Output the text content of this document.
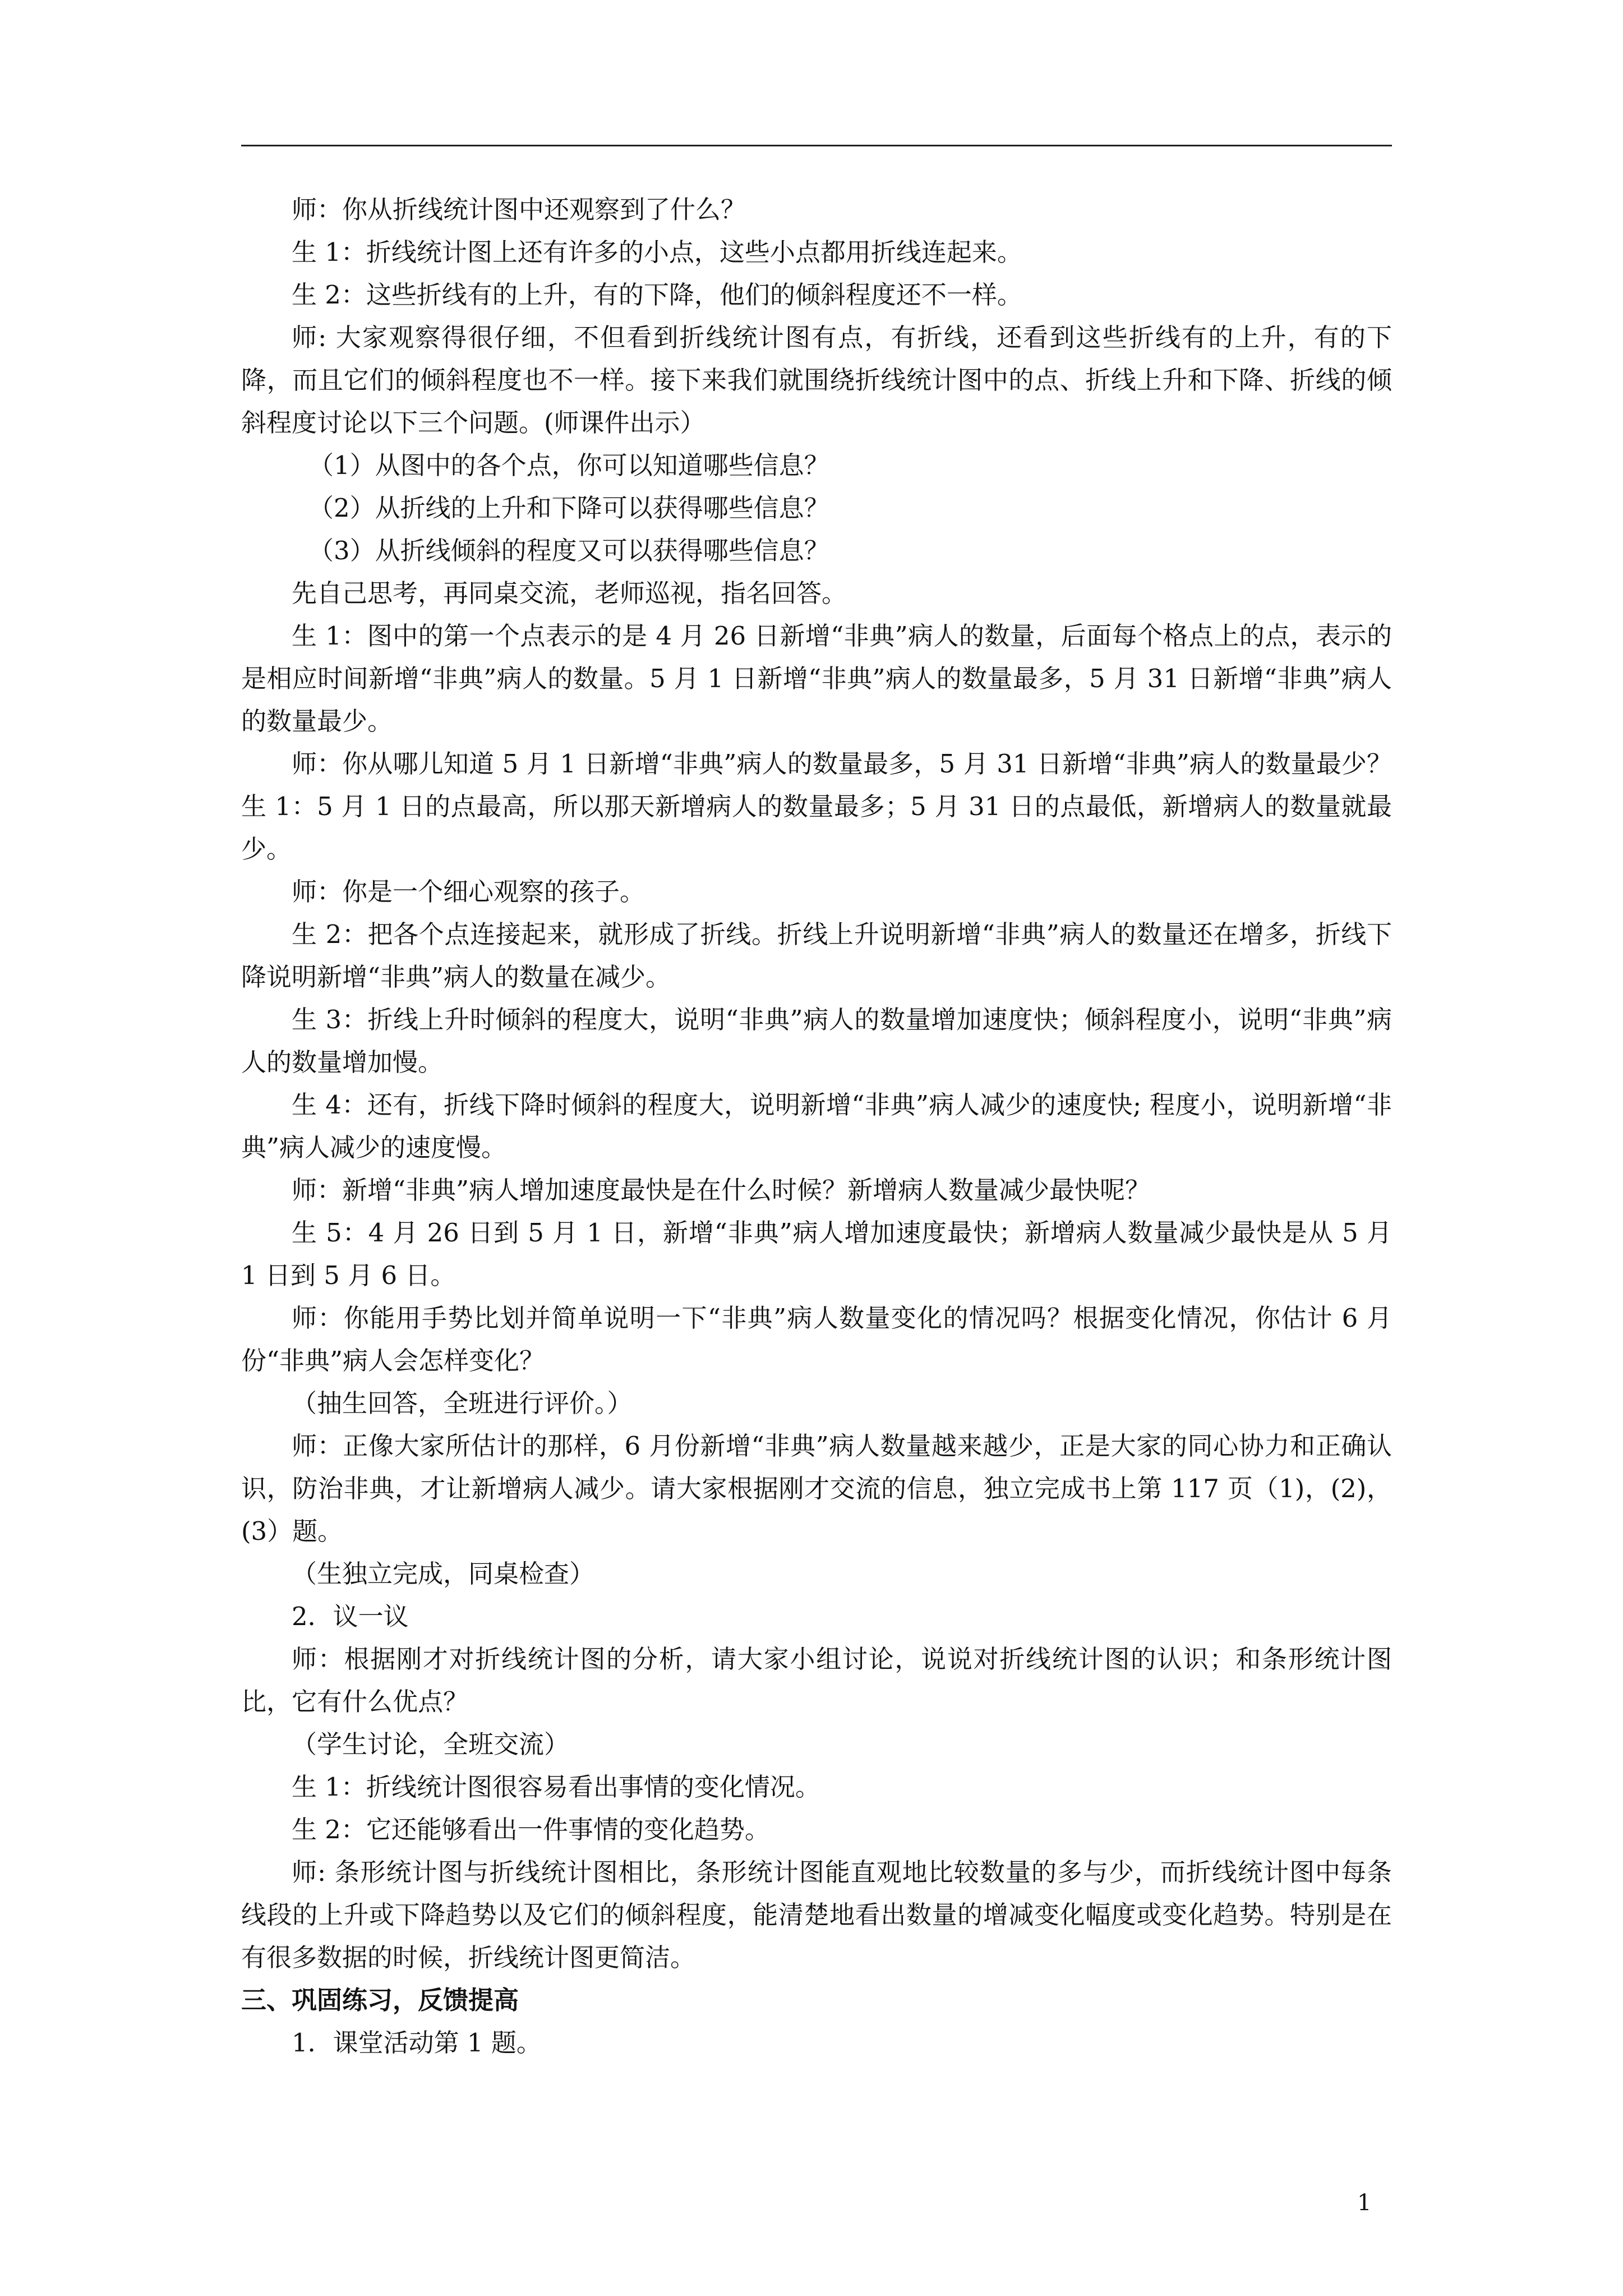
师：你从折线统计图中还观察到了什么？

生 1：折线统计图上还有许多的小点，这些小点都用折线连起来。

生 2：这些折线有的上升，有的下降，他们的倾斜程度还不一样。

师: 大家观察得很仔细，不但看到折线统计图有点，有折线，还看到这些折线有的上升，有的下降，而且它们的倾斜程度也不一样。接下来我们就围绕折线统计图中的点、折线上升和下降、折线的倾斜程度讨论以下三个问题。(师课件出示）

（1）从图中的各个点，你可以知道哪些信息？

（2）从折线的上升和下降可以获得哪些信息？

（3）从折线倾斜的程度又可以获得哪些信息？

先自己思考，再同桌交流，老师巡视，指名回答。

生 1：图中的第一个点表示的是 4 月 26 日新增“非典”病人的数量，后面每个格点上的点，表示的是相应时间新增“非典”病人的数量。5 月 1 日新增“非典”病人的数量最多，5 月 31 日新增“非典”病人的数量最少。

师：你从哪儿知道 5 月 1 日新增“非典”病人的数量最多，5 月 31 日新增“非典”病人的数量最少？生 1：5 月 1 日的点最高，所以那天新增病人的数量最多；5 月 31 日的点最低，新增病人的数量就最少。

师：你是一个细心观察的孩子。

生 2：把各个点连接起来，就形成了折线。折线上升说明新增“非典”病人的数量还在增多，折线下降说明新增“非典”病人的数量在减少。

生 3：折线上升时倾斜的程度大，说明“非典”病人的数量增加速度快；倾斜程度小，说明“非典”病人的数量增加慢。

生 4：还有，折线下降时倾斜的程度大，说明新增“非典”病人减少的速度快; 程度小，说明新增“非典”病人减少的速度慢。

师：新增“非典”病人增加速度最快是在什么时候？新增病人数量减少最快呢？

生 5：4 月 26 日到 5 月 1 日，新增“非典”病人增加速度最快；新增病人数量减少最快是从 5 月 1 日到 5 月 6 日。

师：你能用手势比划并简单说明一下“非典”病人数量变化的情况吗？根据变化情况，你估计 6 月份“非典”病人会怎样变化？

（抽生回答，全班进行评价。）

师：正像大家所估计的那样，6 月份新增“非典”病人数量越来越少，正是大家的同心协力和正确认识，防治非典，才让新增病人减少。请大家根据刚才交流的信息，独立完成书上第 117 页（1)，(2)，(3）题。

（生独立完成，同桌检查）

2．议一议

师：根据刚才对折线统计图的分析，请大家小组讨论，说说对折线统计图的认识；和条形统计图比，它有什么优点？

（学生讨论，全班交流）

生 1：折线统计图很容易看出事情的变化情况。

生 2：它还能够看出一件事情的变化趋势。

师: 条形统计图与折线统计图相比，条形统计图能直观地比较数量的多与少，而折线统计图中每条线段的上升或下降趋势以及它们的倾斜程度，能清楚地看出数量的增减变化幅度或变化趋势。特别是在有很多数据的时候，折线统计图更简洁。

三、巩固练习，反馈提高

1．课堂活动第 1 题。

1
